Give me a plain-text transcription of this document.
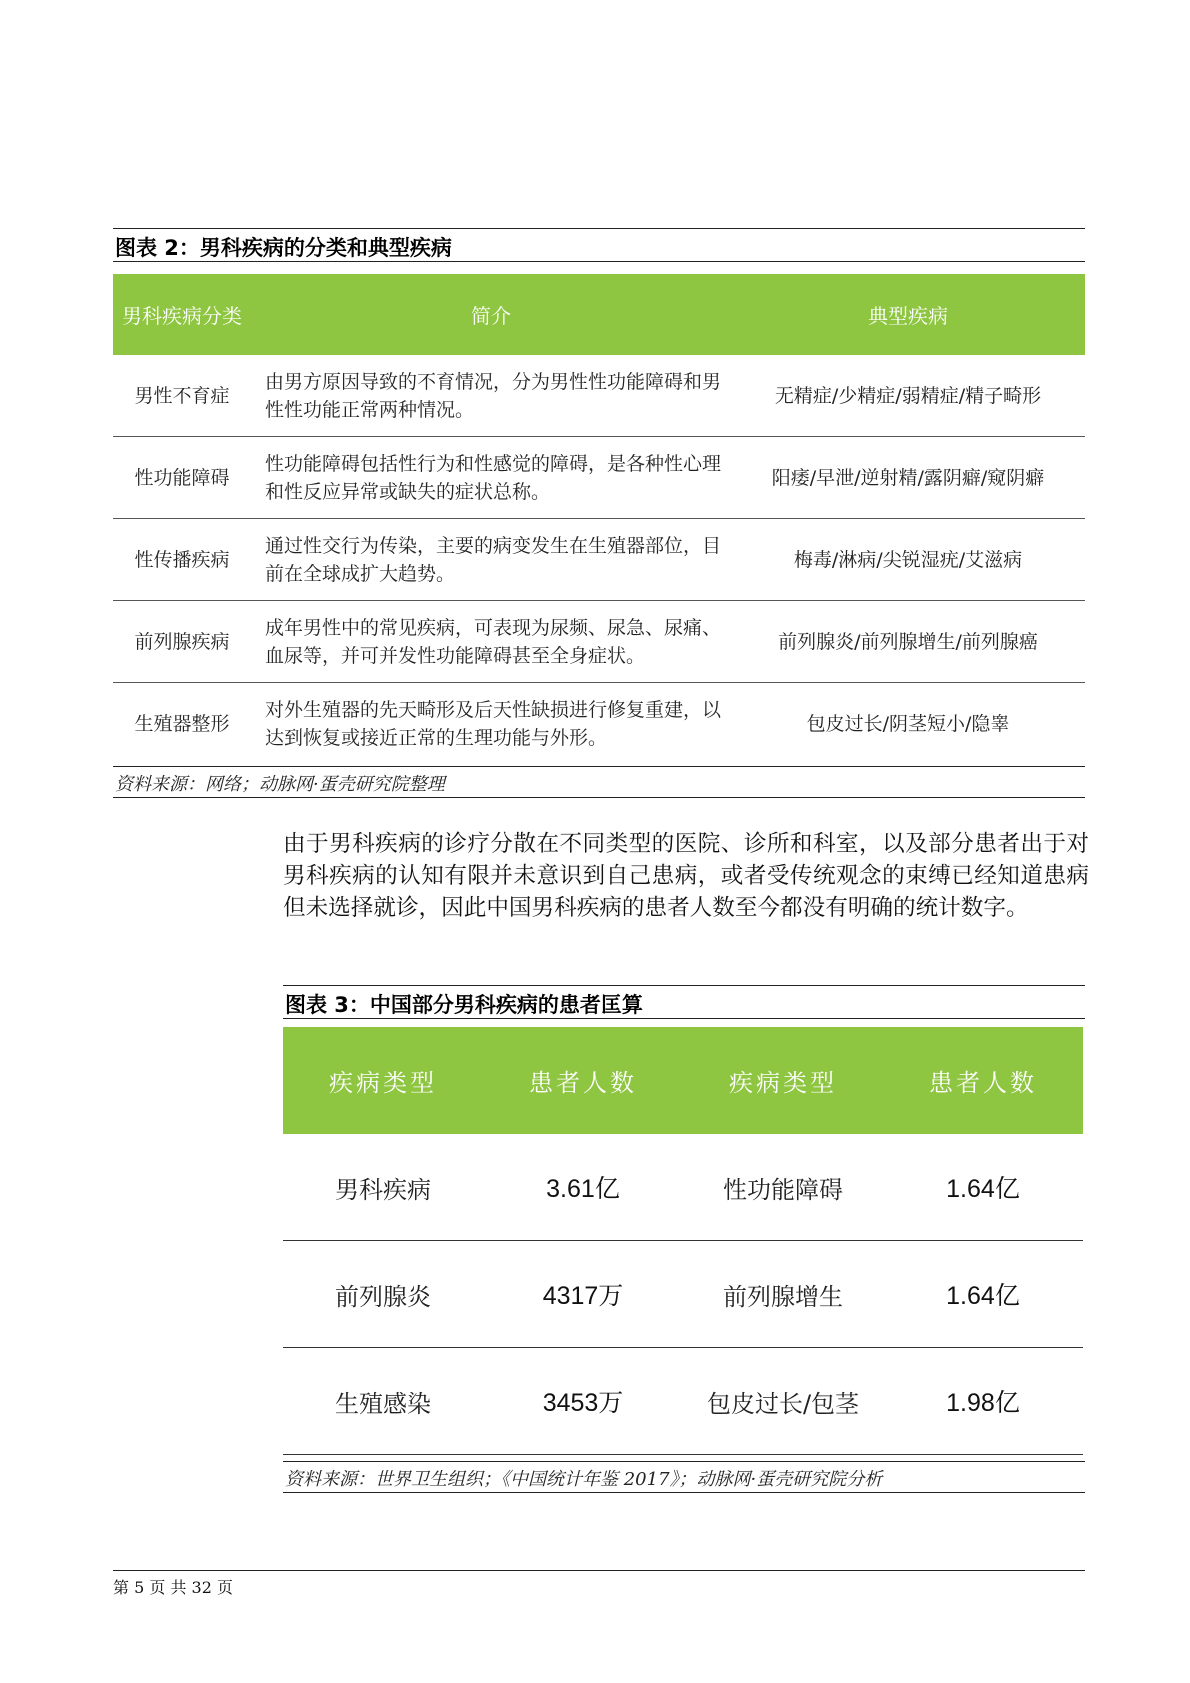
图表 2：男科疾病的分类和典型疾病
男科疾病分类	简介	典型疾病
男性不育症	由男方原因导致的不育情况，分为男性性功能障碍和男性性功能正常两种情况。	无精症/少精症/弱精症/精子畸形
性功能障碍	性功能障碍包括性行为和性感觉的障碍，是各种性心理和性反应异常或缺失的症状总称。	阳痿/早泄/逆射精/露阴癖/窥阴癖
性传播疾病	通过性交行为传染，主要的病变发生在生殖器部位，目前在全球成扩大趋势。	梅毒/淋病/尖锐湿疣/艾滋病
前列腺疾病	成年男性中的常见疾病，可表现为尿频、尿急、尿痛、血尿等，并可并发性功能障碍甚至全身症状。	前列腺炎/前列腺增生/前列腺癌
生殖器整形	对外生殖器的先天畸形及后天性缺损进行修复重建，以达到恢复或接近正常的生理功能与外形。	包皮过长/阴茎短小/隐睾
资料来源：网络；动脉网·蛋壳研究院整理
由于男科疾病的诊疗分散在不同类型的医院、诊所和科室，以及部分患者出于对男科疾病的认知有限并未意识到自己患病，或者受传统观念的束缚已经知道患病但未选择就诊，因此中国男科疾病的患者人数至今都没有明确的统计数字。
图表 3：中国部分男科疾病的患者匡算
疾病类型	患者人数	疾病类型	患者人数
男科疾病	3.61亿	性功能障碍	1.64亿
前列腺炎	4317万	前列腺增生	1.64亿
生殖感染	3453万	包皮过长/包茎	1.98亿
资料来源：世界卫生组织；《中国统计年鉴 2017》；动脉网·蛋壳研究院分析
第 5 页 共 32 页
